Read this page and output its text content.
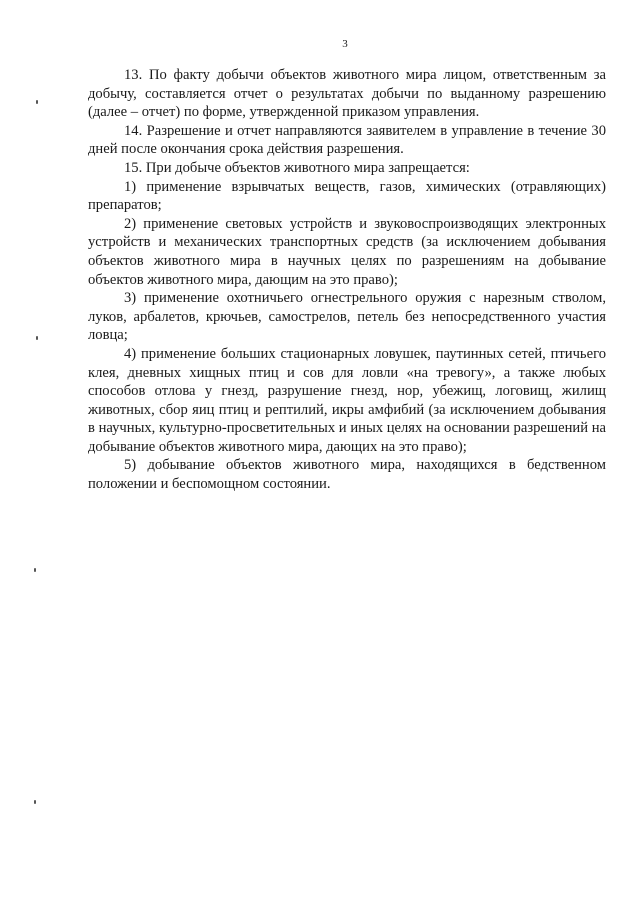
3

13. По факту добычи объектов животного мира лицом, ответственным за добычу, составляется отчет о результатах добычи по выданному разрешению (далее – отчет) по форме, утвержденной приказом управления.

14. Разрешение и отчет направляются заявителем в управление в течение 30 дней после окончания срока действия разрешения.

15. При добыче объектов животного мира запрещается:

1) применение взрывчатых веществ, газов, химических (отравляющих) препаратов;

2) применение световых устройств и звуковоспроизводящих электронных устройств и механических транспортных средств (за исключением добывания объектов животного мира в научных целях по разрешениям на добывание объектов животного мира, дающим на это право);

3) применение охотничьего огнестрельного оружия с нарезным стволом, луков, арбалетов, крючьев, самострелов, петель без непосредственного участия ловца;

4) применение больших стационарных ловушек, паутинных сетей, птичьего клея, дневных хищных птиц и сов для ловли «на тревогу», а также любых способов отлова у гнезд, разрушение гнезд, нор, убежищ, логовищ, жилищ животных, сбор яиц птиц и рептилий, икры амфибий (за исключением добывания в научных, культурно-просветительных и иных целях на основании разрешений на добывание объектов животного мира, дающих на это право);

5) добывание объектов животного мира, находящихся в бедственном положении и беспомощном состоянии.
